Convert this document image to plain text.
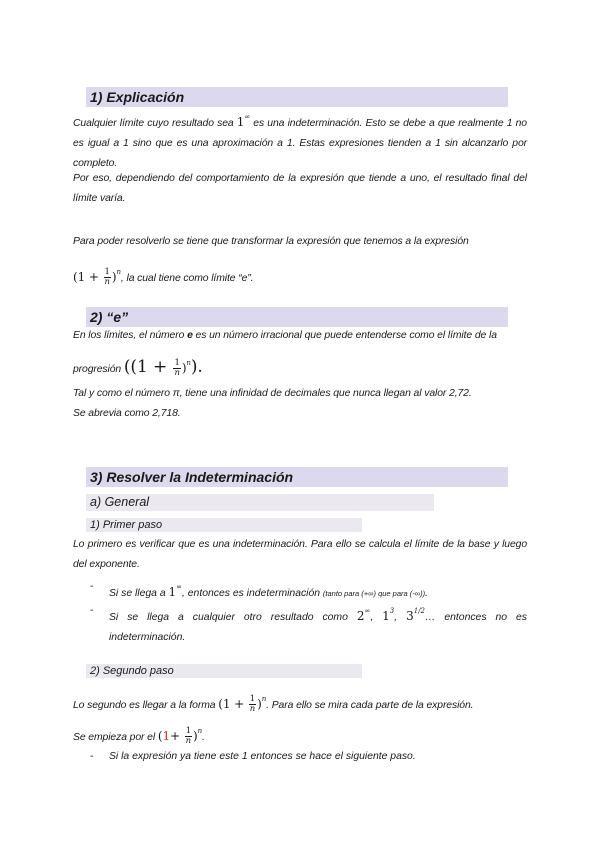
1) Explicación
Cualquier límite cuyo resultado sea 1∞ es una indeterminación. Esto se debe a que realmente 1 no es igual a 1 sino que es una aproximación a 1. Estas expresiones tienden a 1 sin alcanzarlo por completo.
Por eso, dependiendo del comportamiento de la expresión que tiende a uno, el resultado final del límite varía.
Para poder resolverlo se tiene que transformar la expresión que tenemos a la expresión
$(1 + \frac{1}{n} )^n$, la cual tiene como límite “e”.
2) “e”
En los límites, el número e es un número irracional que puede entenderse como el límite de la
progresión $((1 + \frac{1}{n} )^n)$.
Tal y como el número π, tiene una infinidad de decimales que nunca llegan al valor 2,72.
Se abrevia como 2,718.
3) Resolver la Indeterminación
a) General
1) Primer paso
Lo primero es verificar que es una indeterminación. Para ello se calcula el límite de la base y luego del exponente.
-
Si se llega a 1∞, entonces es indeterminación (tanto para (+∞) que para (-∞)).
-
Si se llega a cualquier otro resultado como 2∞, $1^3$, $3^{1/2}\dots$ entonces no es indeterminación.
2) Segundo paso
Lo segundo es llegar a la forma $(1 + \frac{1}{n} )^n$. Para ello se mira cada parte de la expresión.
Se empieza por el $(1+ \frac{1}{n} )^n$.
- Si la expresión ya tiene este 1 entonces se hace el siguiente paso.
